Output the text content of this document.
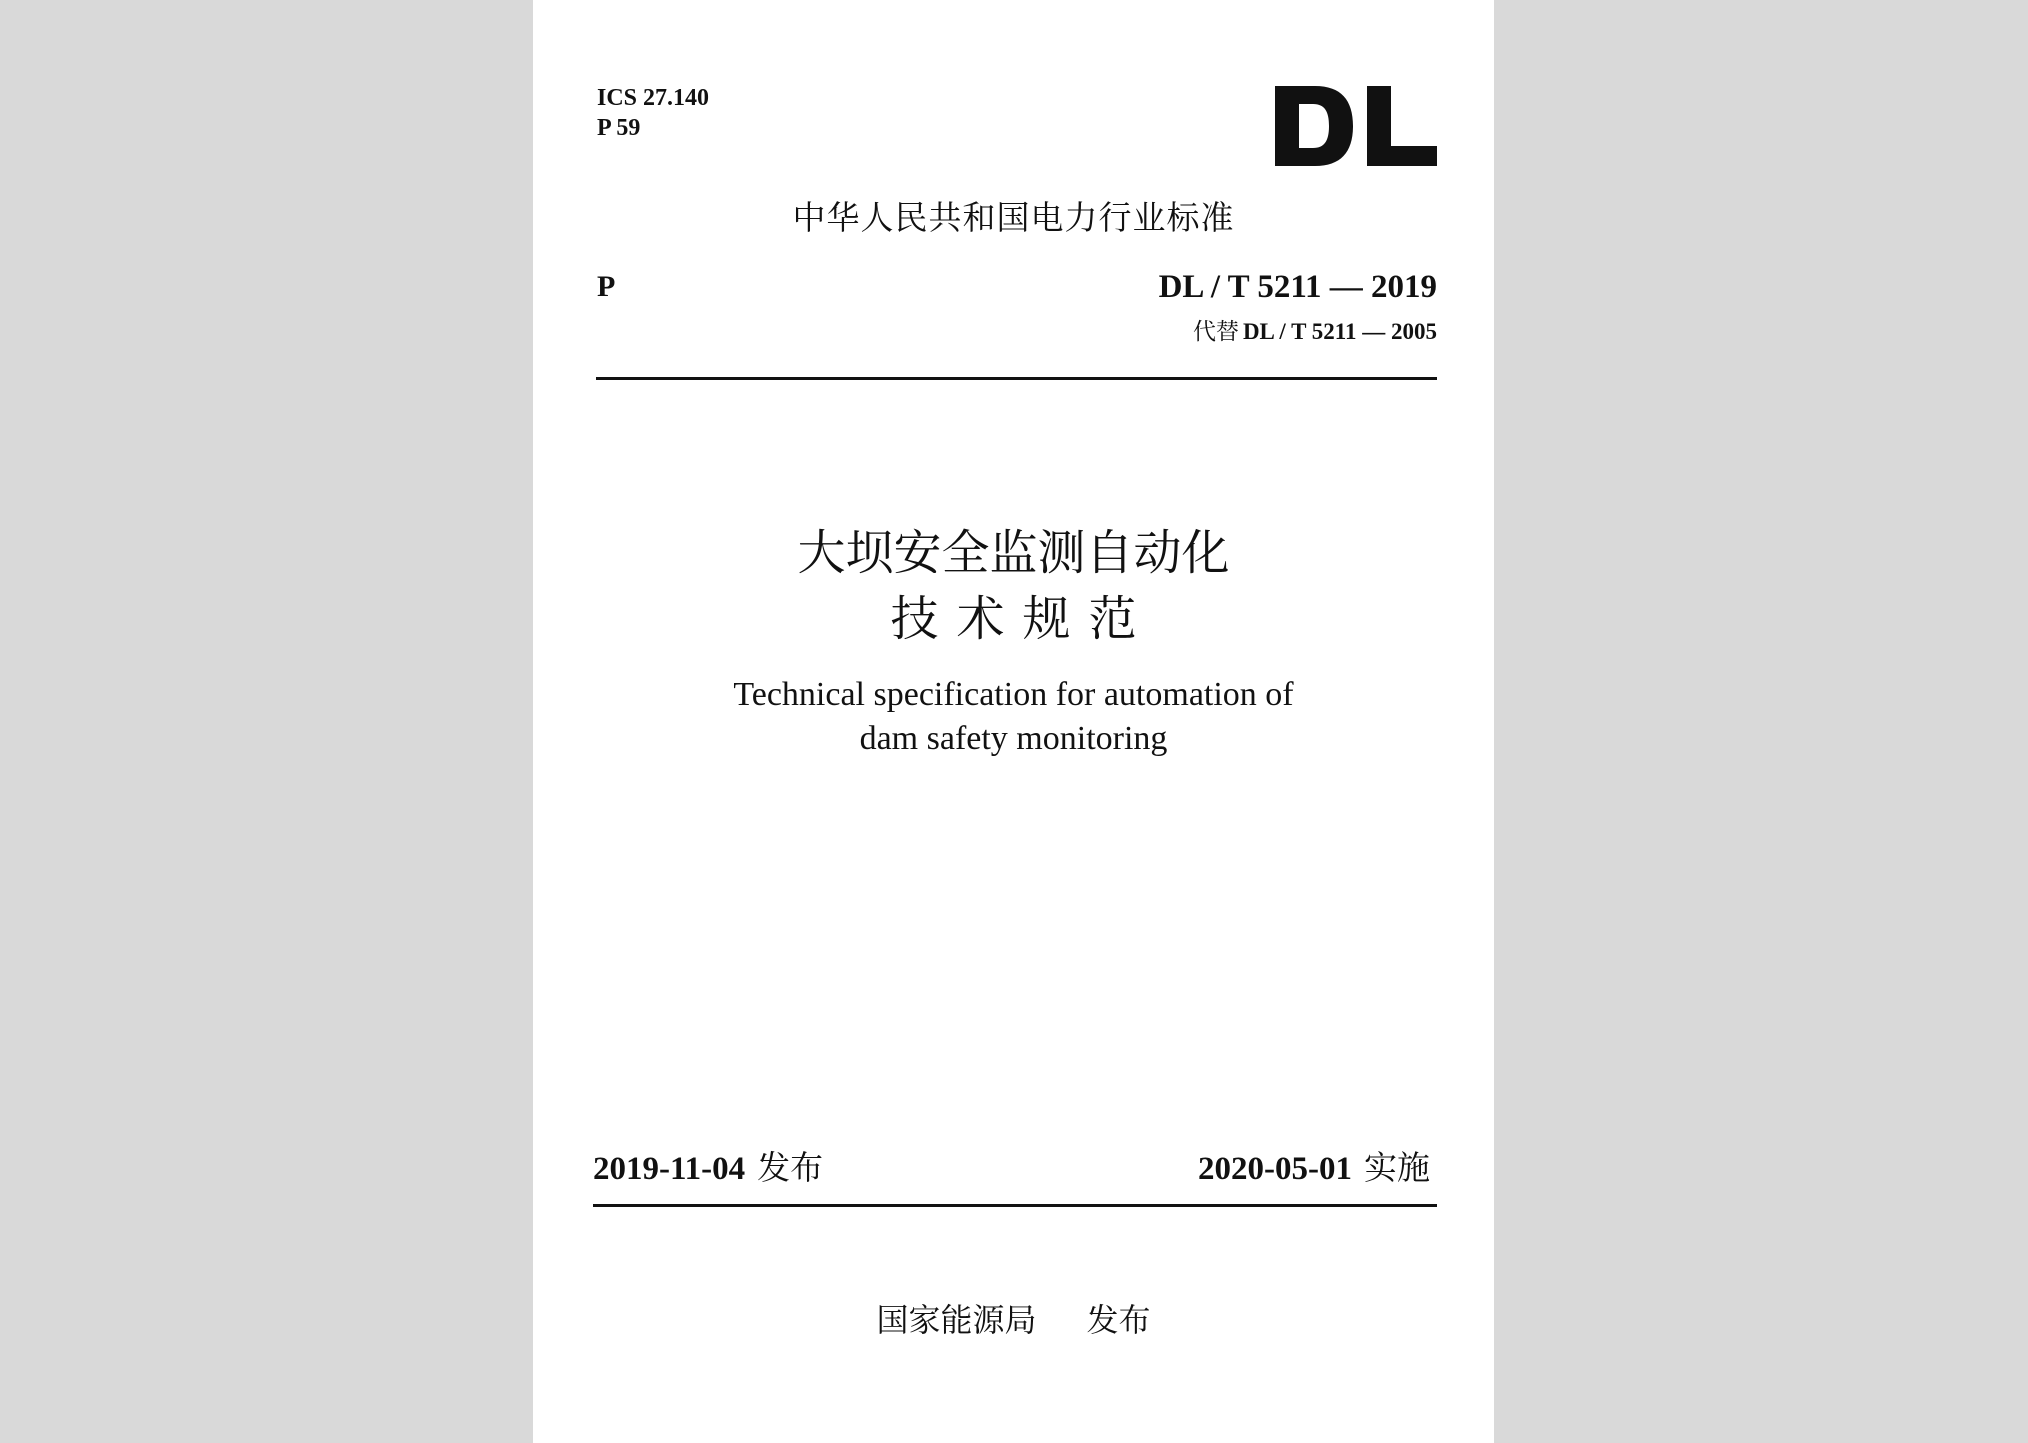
ICS 27.140
P 59
中华人民共和国电力行业标准
P	DL / T 5211 — 2019
代替 DL / T 5211 — 2005
大坝安全监测自动化
技术规范
Technical specification for automation of
dam safety monitoring
2019-11-04 发布	2020-05-01 实施
国家能源局 发布
